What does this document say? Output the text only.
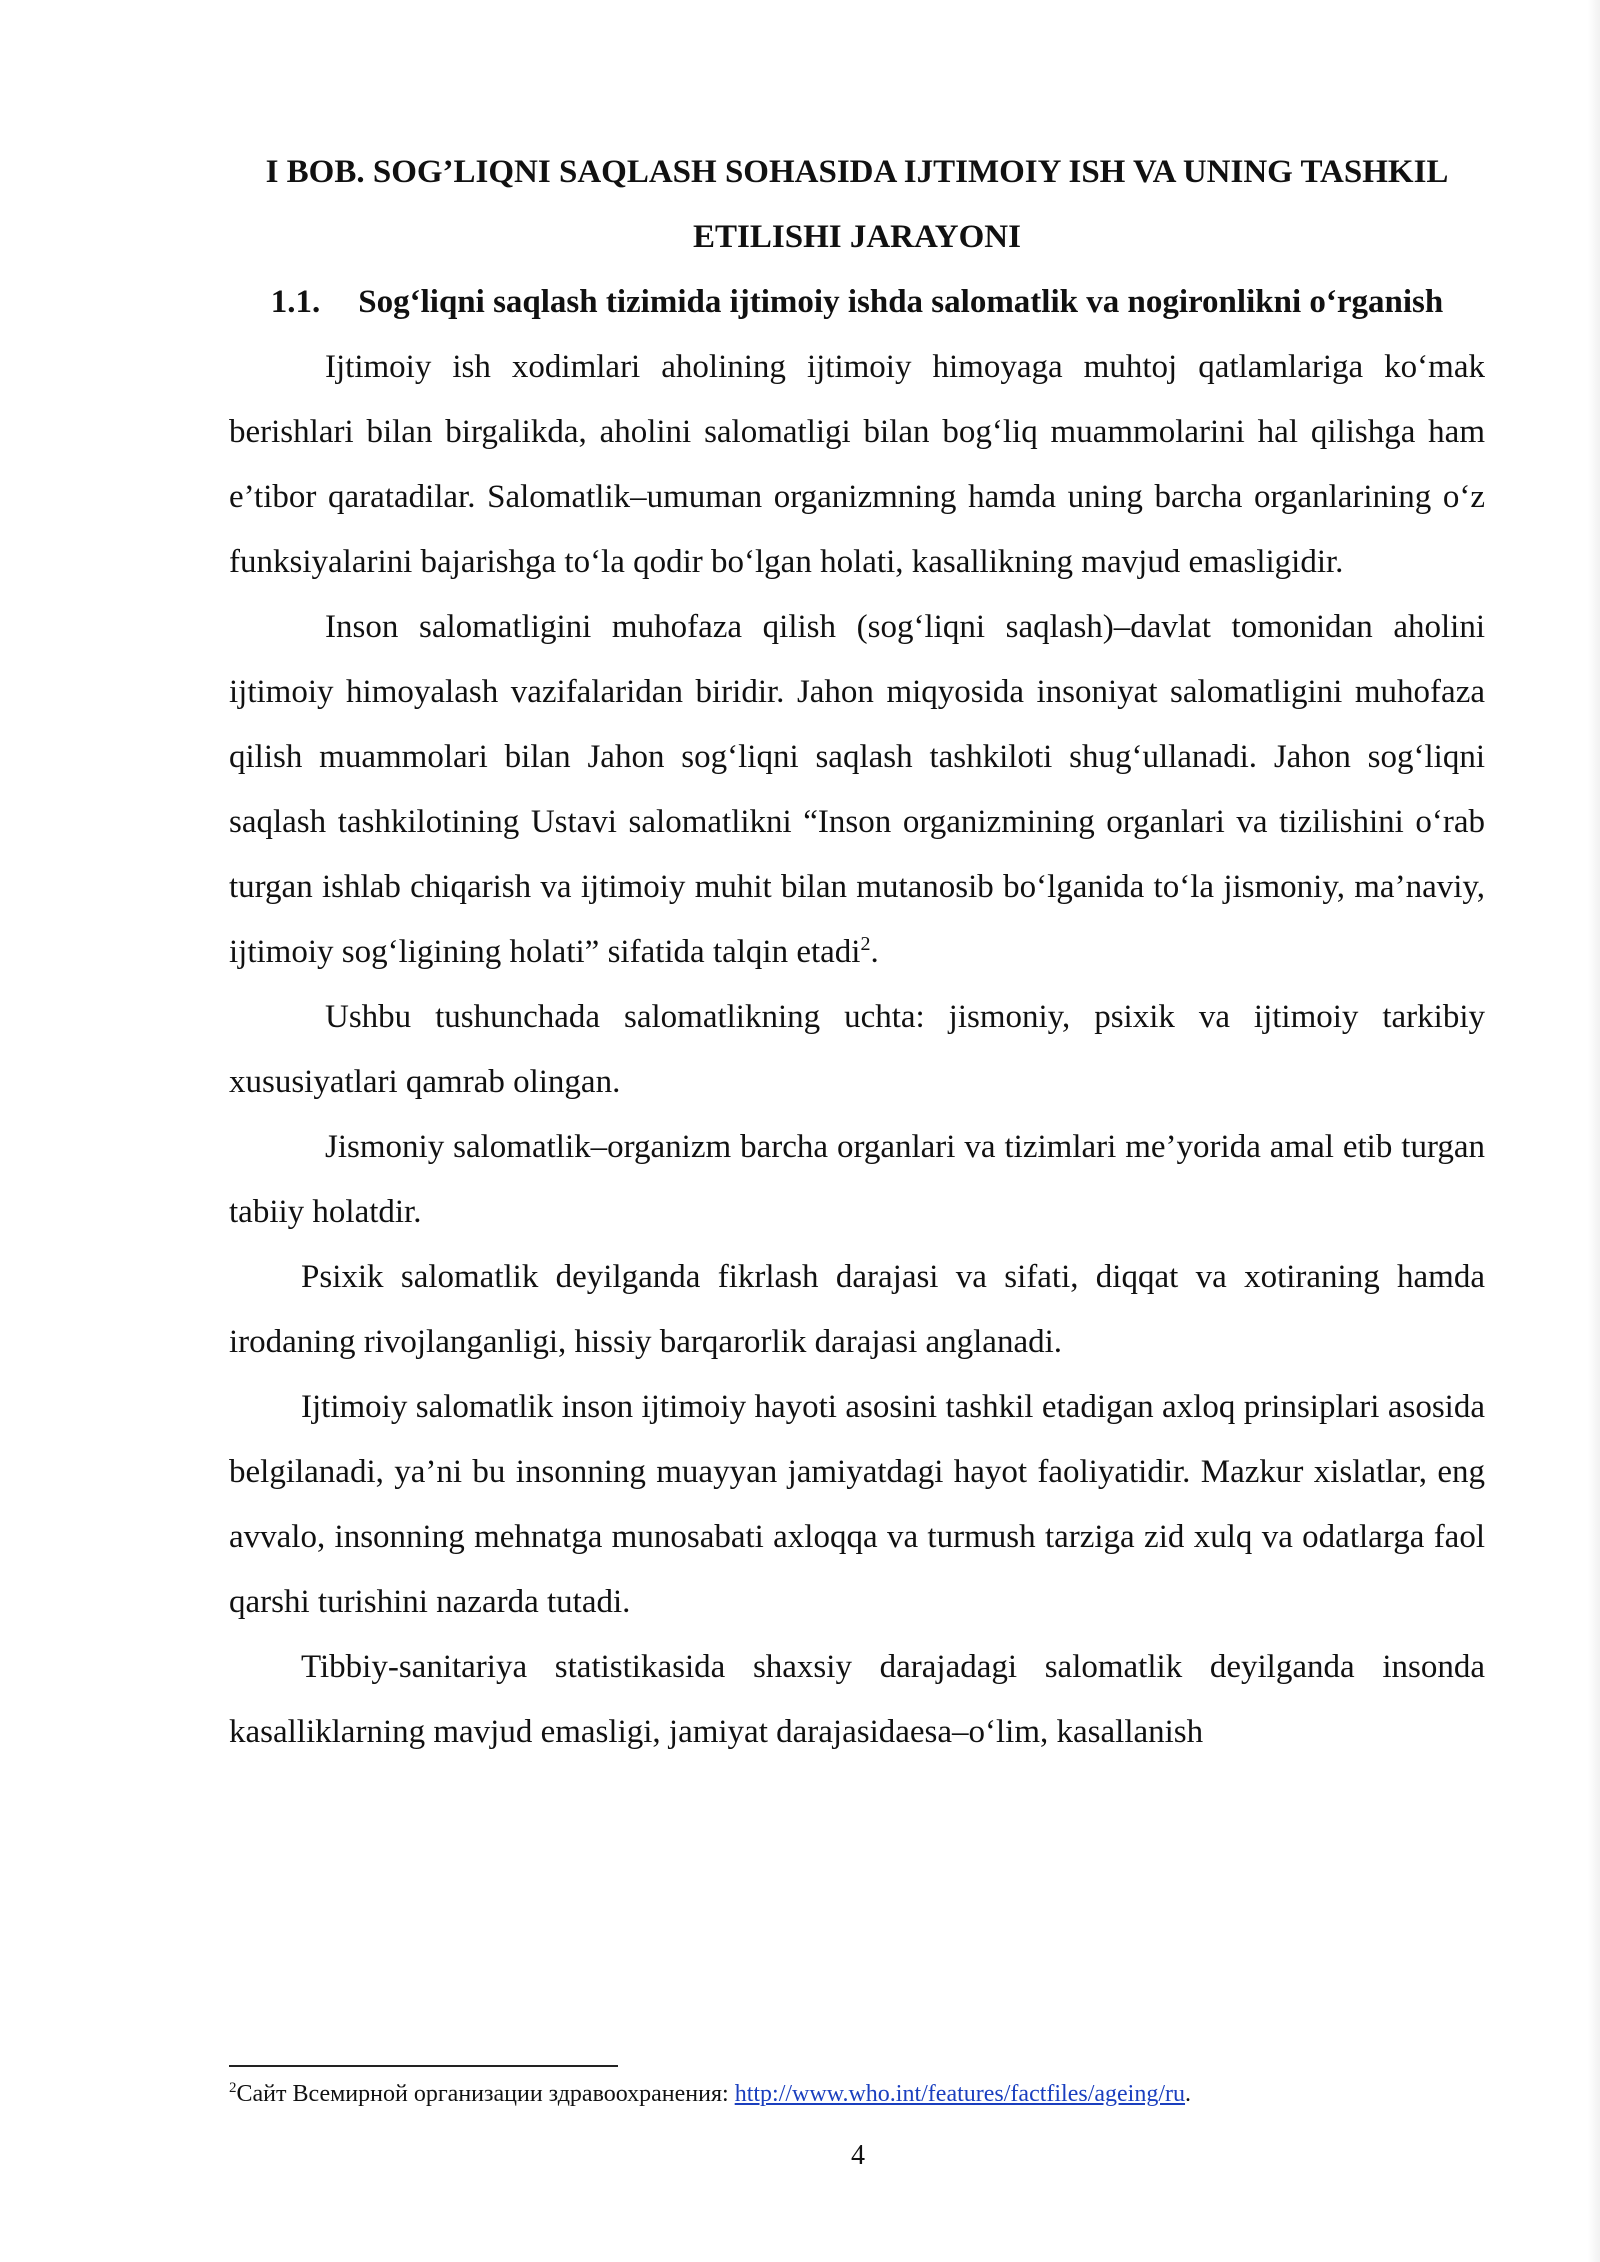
I BOB. SOG’LIQNI SAQLASH SOHASIDA IJTIMOIY ISH VA UNING TASHKIL ETILISHI JARAYONI
1.1. Sog‘liqni saqlash tizimida ijtimoiy ishda salomatlik va nogironlikni o‘rganish

Ijtimoiy ish xodimlari aholining ijtimoiy himoyaga muhtoj qatlamlariga ko‘mak berishlari bilan birgalikda, aholini salomatligi bilan bog‘liq muammolarini hal qilishga ham e’tibor qaratadilar. Salomatlik–umuman organizmning hamda uning barcha organlarining o‘z funksiyalarini bajarishga to‘la qodir bo‘lgan holati, kasallikning mavjud emasligidir.

Inson salomatligini muhofaza qilish (sog‘liqni saqlash)–davlat tomonidan aholini ijtimoiy himoyalash vazifalaridan biridir. Jahon miqyosida insoniyat salomatligini muhofaza qilish muammolari bilan Jahon sog‘liqni saqlash tashkiloti shug‘ullanadi. Jahon sog‘liqni saqlash tashkilotining Ustavi salomatlikni “Inson organizmining organlari va tizilishini o‘rab turgan ishlab chiqarish va ijtimoiy muhit bilan mutanosib bo‘lganida to‘la jismoniy, ma’naviy, ijtimoiy sog‘ligining holati” sifatida talqin etadi$^2$.

Ushbu tushunchada salomatlikning uchta: jismoniy, psixik va ijtimoiy tarkibiy xususiyatlari qamrab olingan.

Jismoniy salomatlik–organizm barcha organlari va tizimlari me’yorida amal etib turgan tabiiy holatdir.

Psixik salomatlik deyilganda fikrlash darajasi va sifati, diqqat va xotiraning hamda irodaning rivojlanganligi, hissiy barqarorlik darajasi anglanadi.

Ijtimoiy salomatlik inson ijtimoiy hayoti asosini tashkil etadigan axloq prinsiplari asosida belgilanadi, ya’ni bu insonning muayyan jamiyatdagi hayot faoliyatidir. Mazkur xislatlar, eng avvalo, insonning mehnatga munosabati axloqqa va turmush tarziga zid xulq va odatlarga faol qarshi turishini nazarda tutadi.

Tibbiy-sanitariya statistikasida shaxsiy darajadagi salomatlik deyilganda insonda kasalliklarning mavjud emasligi, jamiyat darajasidaesa–o‘lim, kasallanish

$^2$Сайт Всемирной организации здравоохранения: http://www.who.int/features/factfiles/ageing/ru.
4
